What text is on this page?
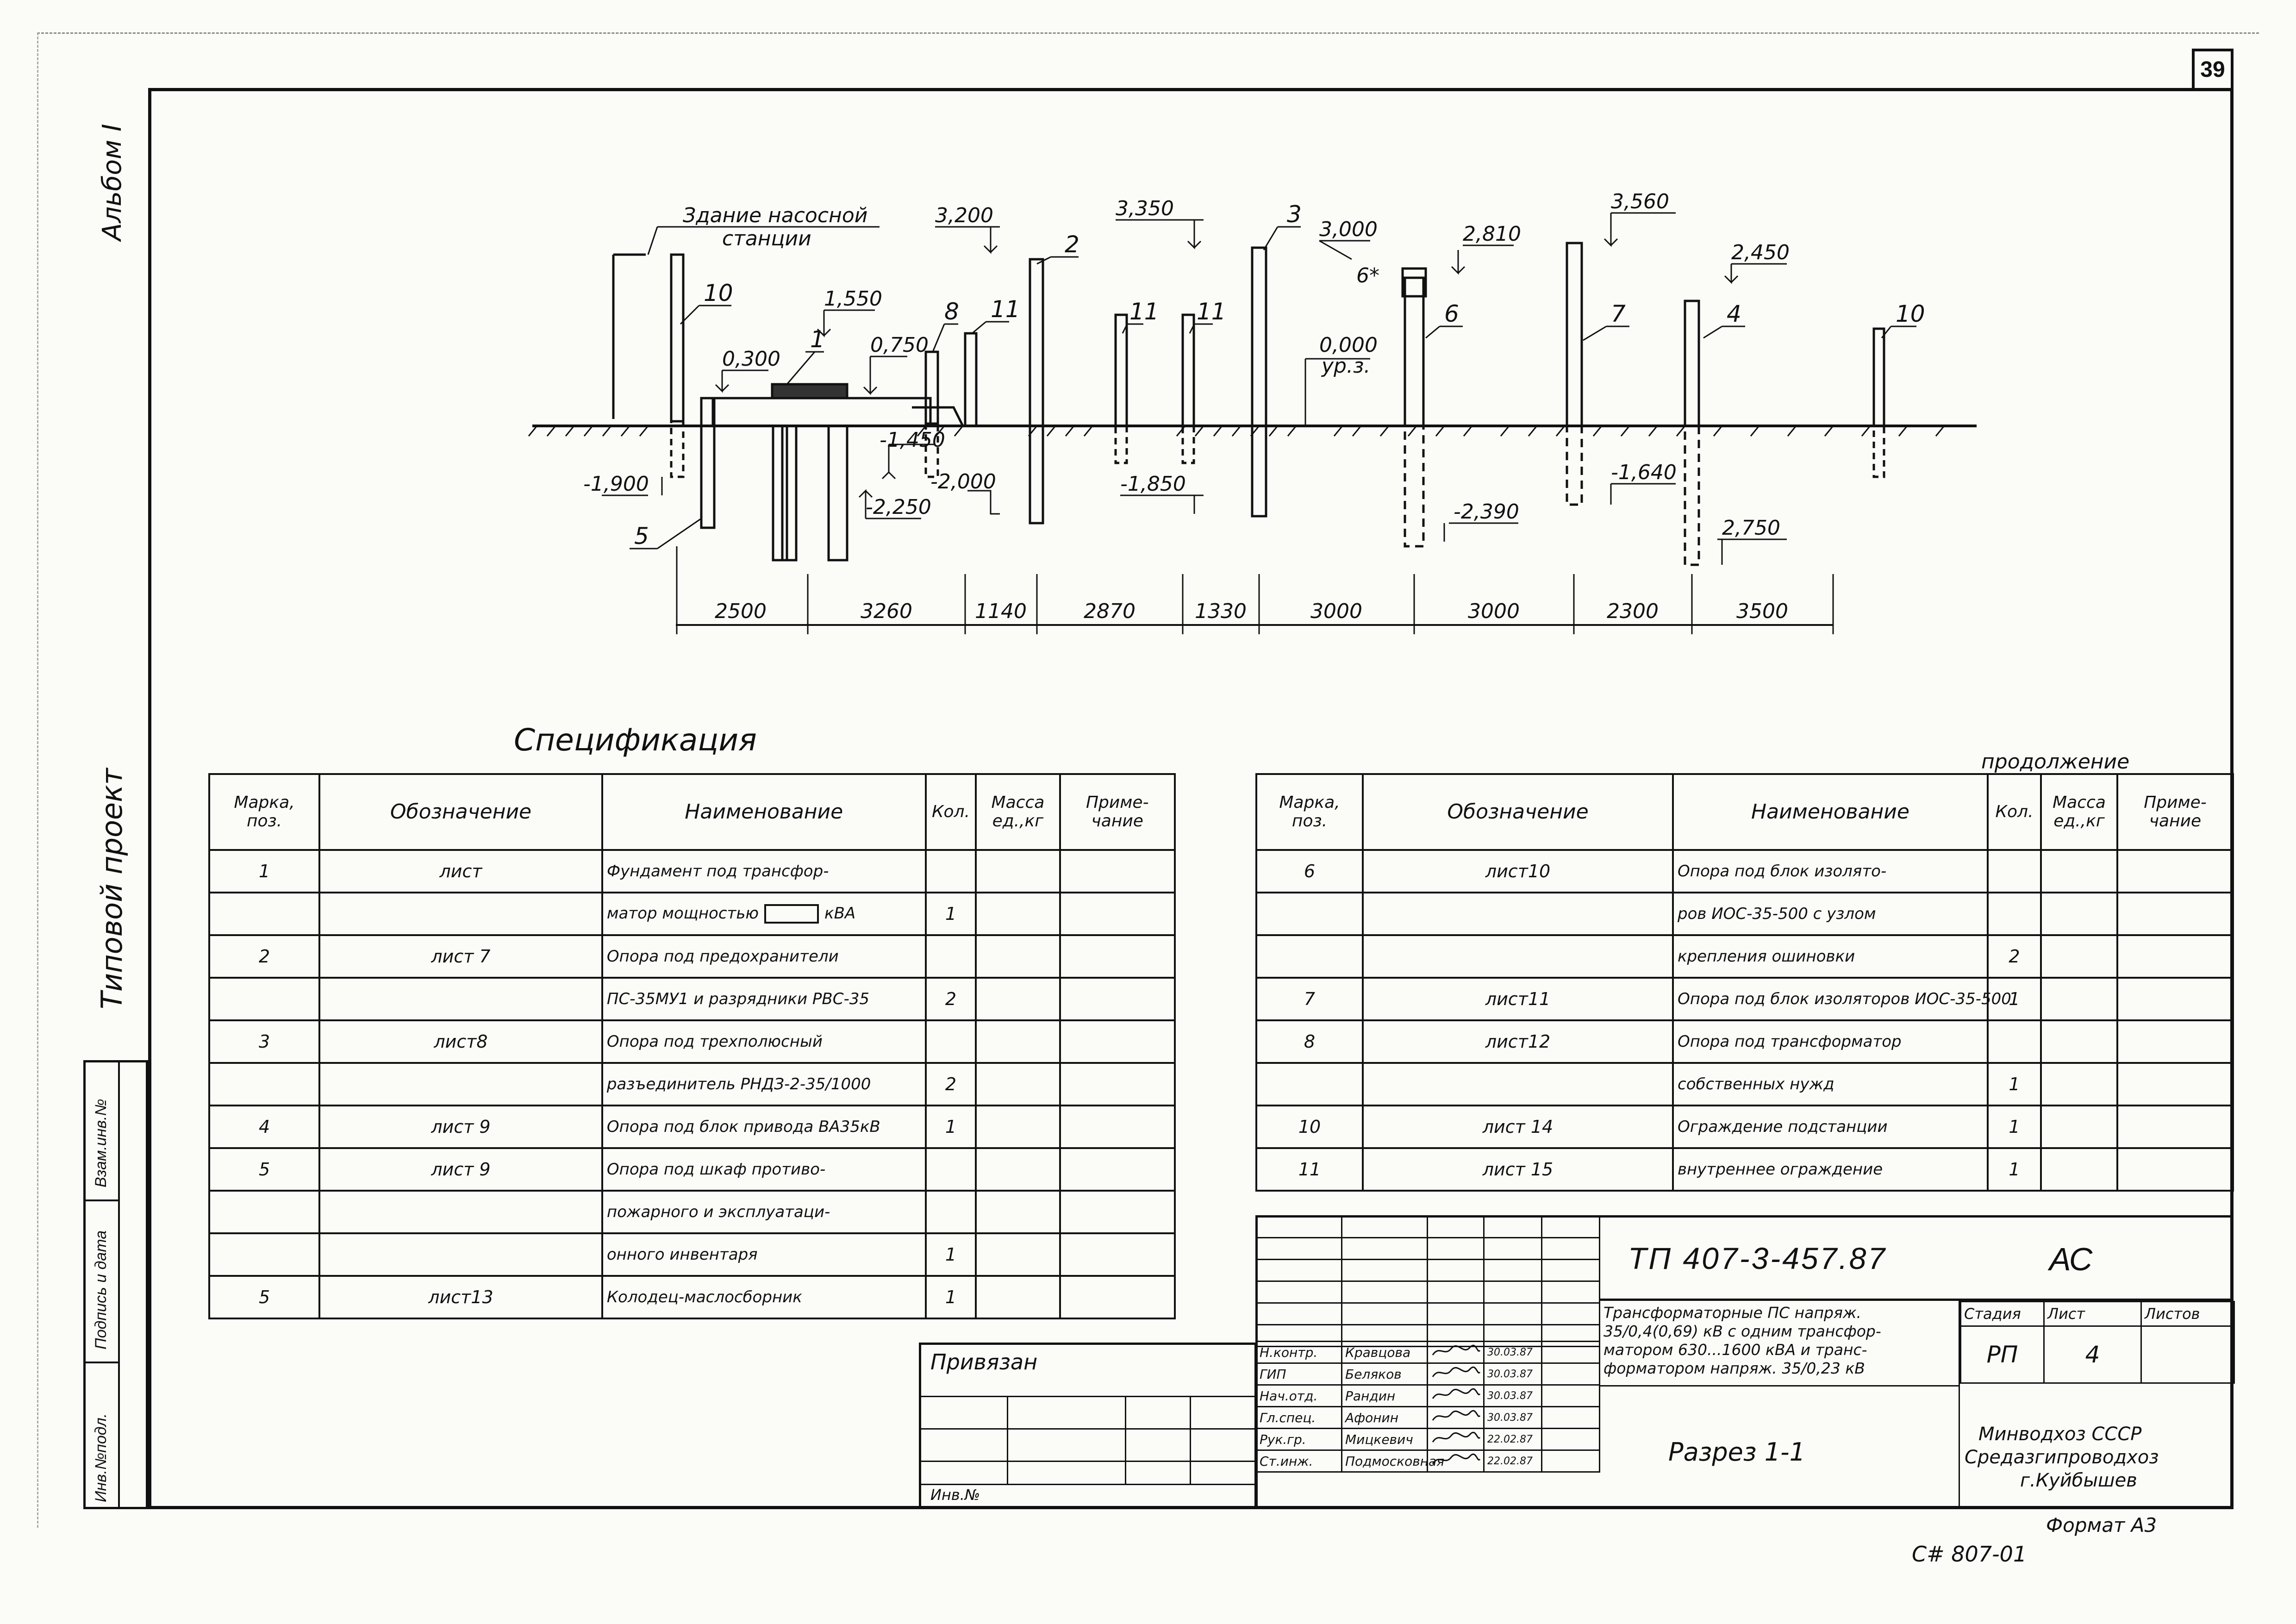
39
Альбом I
Типовой проект
Взам.инв.№
Подпись и дата
Инв.№подл.
Здание насосной
станции
0,000
ур.з.
3,200	3,350
3,000	2,810
3,560
2,450
1,550
0,750
0,300
-1,900
-1,450
-2,250
-2,000	-1,850
-2,390
-1,640
2,750
6*
10
1
8 11
2
11 11
3
6	7	4	10
5
2500	3260	1140	2870	1330	3000	3000	2300	3500
Спецификация
продолжение
Марка, поз.	Обозначение	Наименование	Кол.	Масса ед.,кг	Приме- чание
1	лист	Фундамент под трансфор-			
		матор мощностью кВА	1		
2	лист 7	Опора под предохранители			
		ПС-35МУ1 и разрядники РВС-35	2		
3	лист8	Опора под трехполюсный			
		разъединитель РНДЗ-2-35/1000	2		
4	лист 9	Опора под блок привода ВА35кВ	1		
5	лист 9	Опора под шкаф противо-			
		пожарного и эксплуатаци-			
		онного инвентаря	1		
5	лист13	Колодец-маслосборник	1		
Марка, поз.	Обозначение	Наименование	Кол.	Масса ед.,кг	Приме- чание
6	лист10	Опора под блок изолято-			
		ров ИОС-35-500 с узлом			
		крепления ошиновки	2		
7	лист11	Опора под блок изоляторов ИОС-35-500	1		
8	лист12	Опора под трансформатор			
		собственных нужд	1		
10	лист 14	Ограждение подстанции	1		
11	лист 15	внутреннее ограждение	1		

Н.контр.	Кравцова		30.03.87	
ГИП	Беляков		30.03.87	
Нач.отд.	Рандин		30.03.87	
Гл.спец.	Афонин		30.03.87	
Рук.гр.	Мицкевич		22.02.87	
Ст.инж.	Подмосковная		22.02.87	
Привязан
Инв.№
ТП 407-3-457.87	АС
Трансформаторные ПС напряж.
35/0,4(0,69) кВ с одним трансфор-
матором 630...1600 кВА и транс-
форматором напряж. 35/0,23 кВ
Разрез 1-1
Стадия	Лист	Листов
РП	4	
Минводхоз СССР
Средазгипроводхоз
г.Куйбышев
Формат А3
С# 807-01
